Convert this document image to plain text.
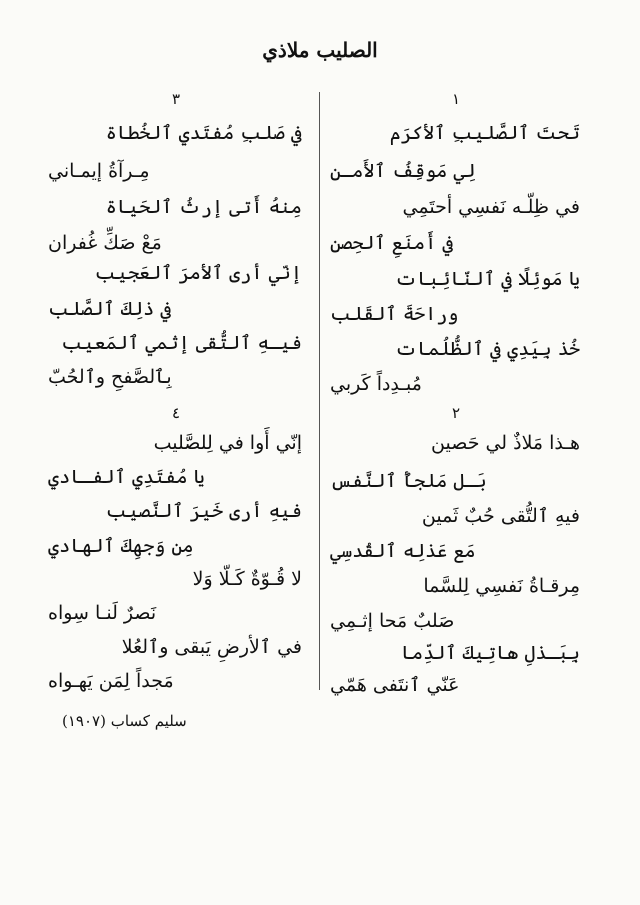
الصليب ملاذي
١
تَحتَ ٱلصَّليبِ ٱلأكرَم
لِي مَوقِفُ ٱلأَمـن
في ظِلّـه نَفسِي أحتَمِي
في أَمنَعِ ٱلحِصن
يا مَوئِلًا في ٱلنّائِبات
وراحَةَ ٱلقَلب
خُذ بِيَدِي في ٱلظُّلُمات
مُبـدِداً كَربي
٢
هـذا مَلاذٌ لي حَصين
بَـل مَلجأُ ٱلنَّفس
فيهِ ٱلتُّقى حُبٌ ثَمين
مَع عَذلِه ٱلقُدسِي
مِرقـاةُ نَفسِي لِلسَّما
صَلبٌ مَحا إثـمِي
بِبَـذلِ هاتِيكَ ٱلدِّما
عَنّي ٱنتَفى هَمّي
٣
في صَلبِ مُفتَدي ٱلخُطاة
مِـرآةُ إيمـاني
مِنهُ أَتى إرثُ ٱلحَياة
مَعْ صَكِّ غُفران
إنّي أرى ٱلأمرَ ٱلعَجيب
في ذلِكَ ٱلصَّلب
فيـهِ ٱلتُّقى إثمي ٱلمَعيب
بِٱلصَّفحِ وٱلحُبّ
٤
إنّي أَوا في لِلصَّليب
يا مُفتَدِي ٱلفـادي
فيهِ أرى خَيرَ ٱلنَّصيب
مِن وَجهِكَ ٱلهادي
لا قُـوّةٌ كَـلّا وَلا
نَصرٌ لَنـا سِواه
في ٱلأرضِ يَبقى وٱلعُلا
مَجداً لِمَن يَهـواه
سليم كساب (١٩٠٧)
